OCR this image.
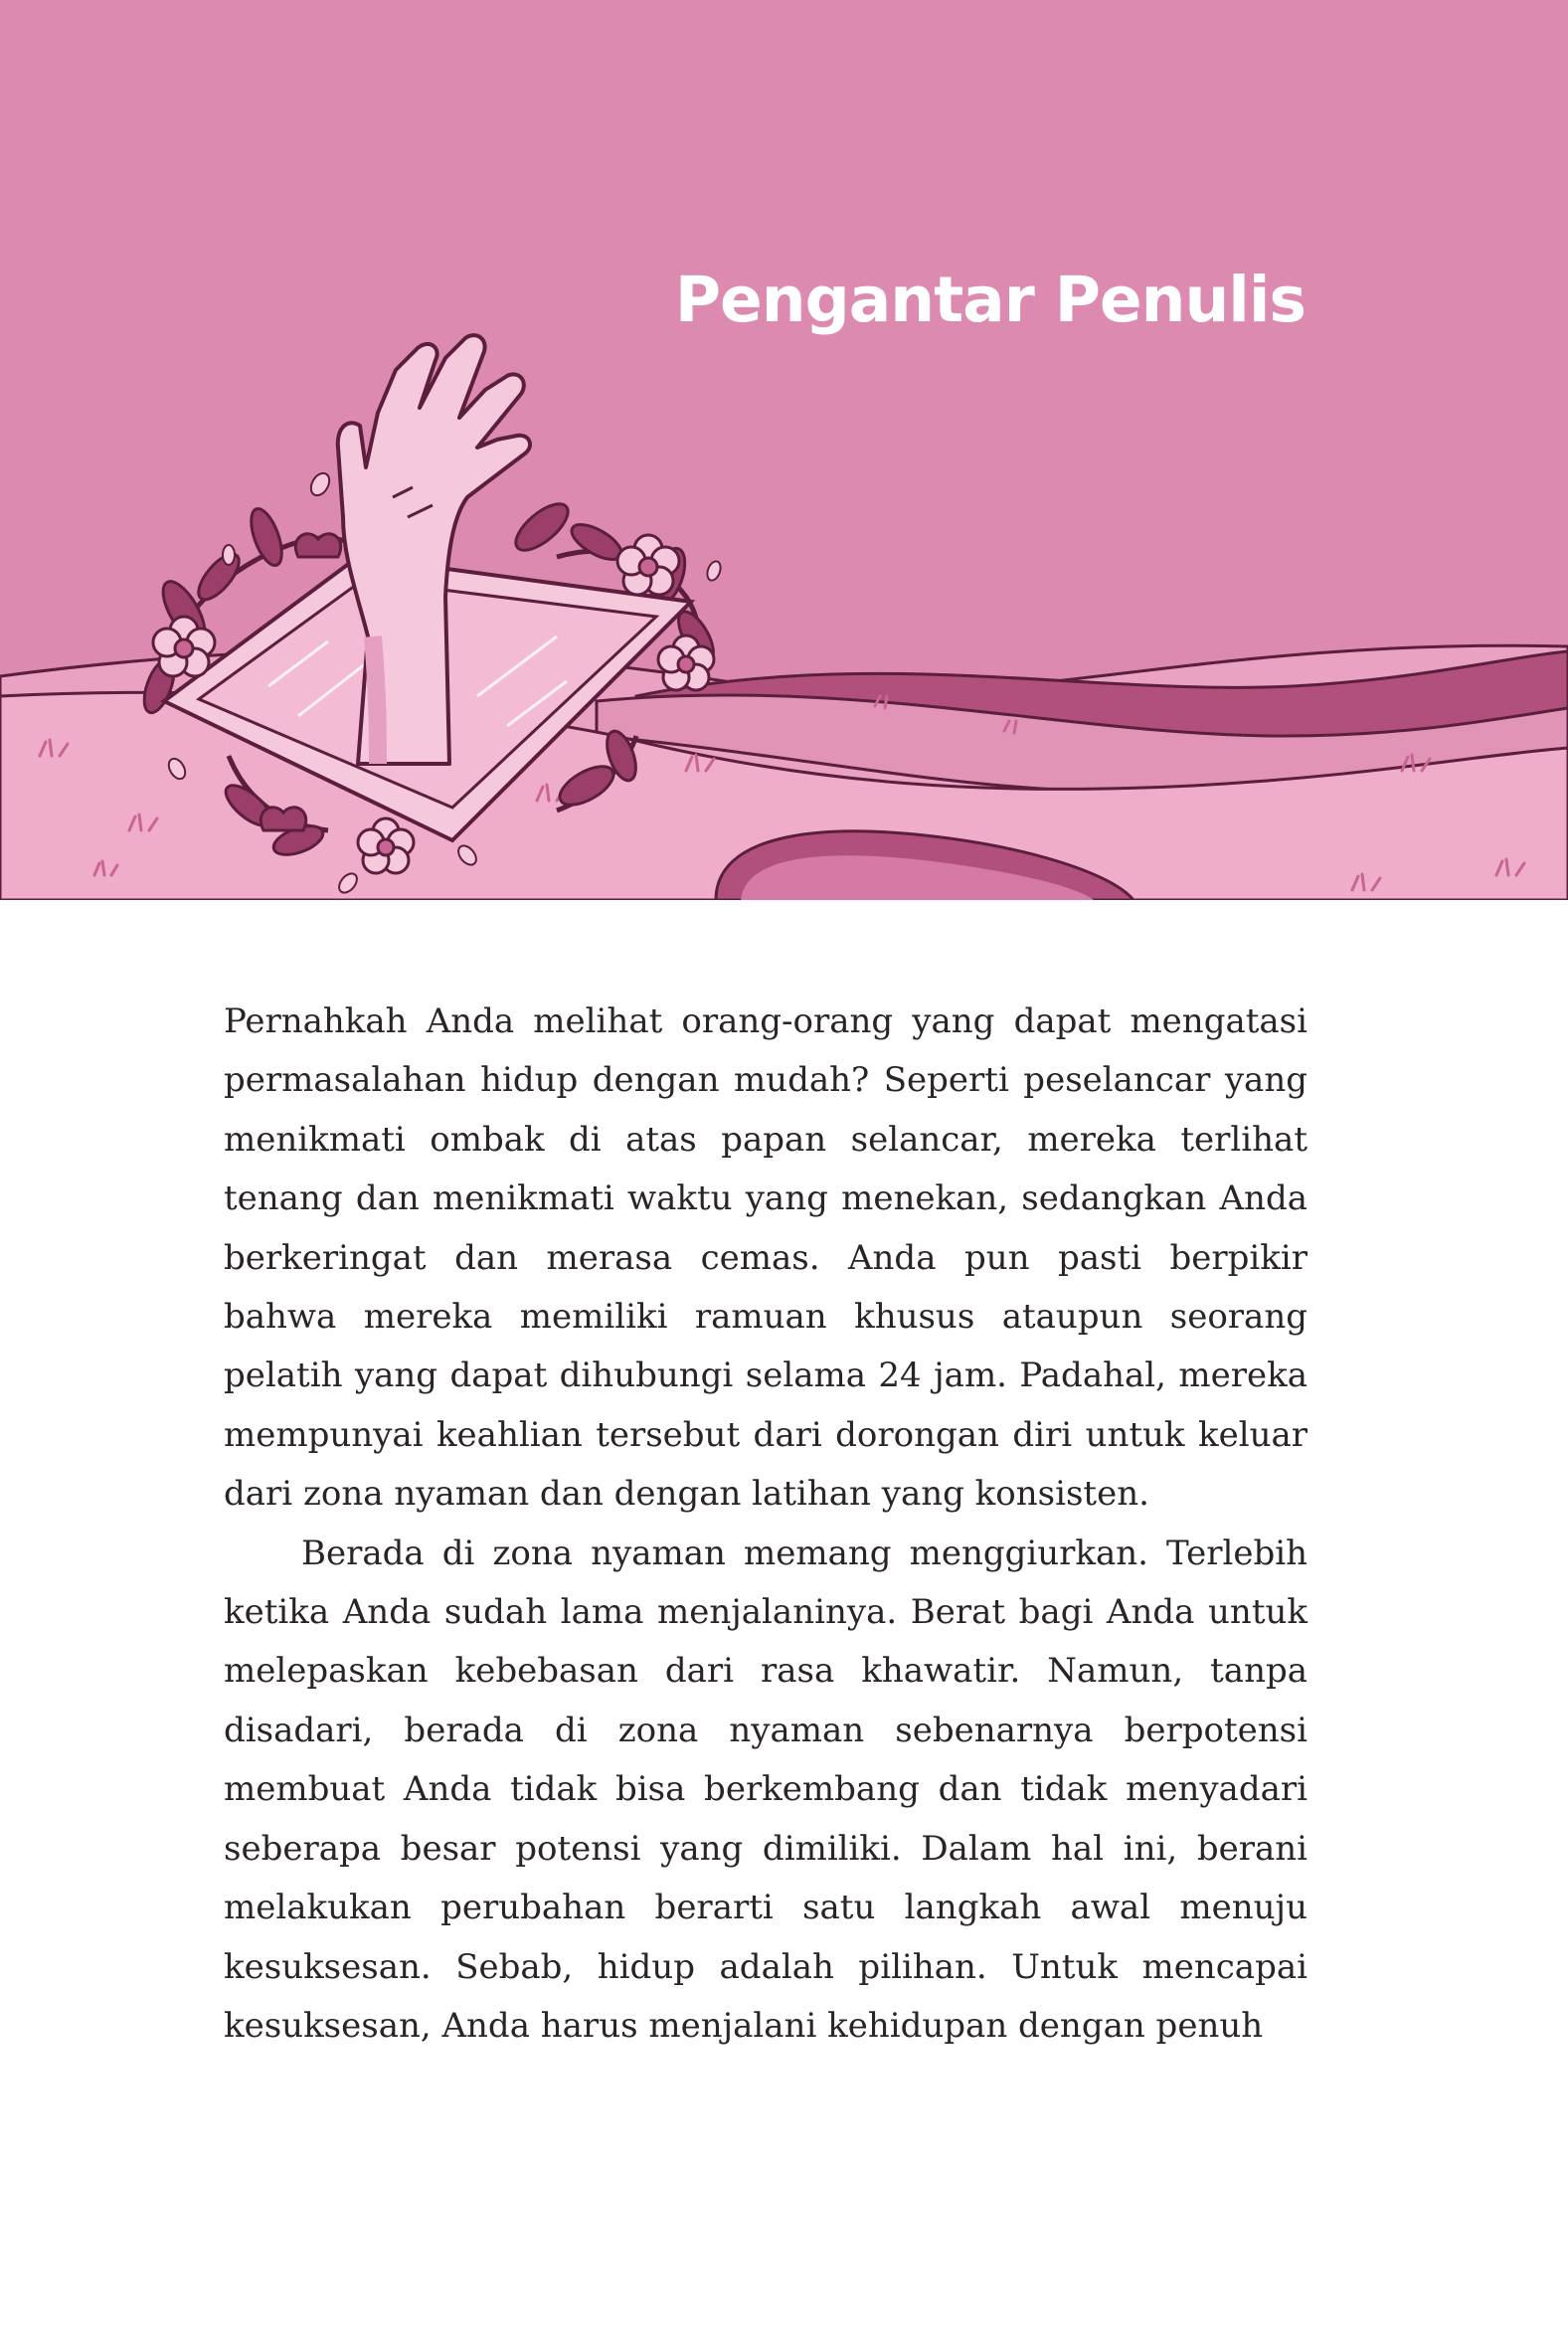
Pengantar Penulis

Pernahkah Anda melihat orang-orang yang dapat mengatasi permasalahan hidup dengan mudah? Seperti peselancar yang menikmati ombak di atas papan selancar, mereka terlihat tenang dan menikmati waktu yang menekan, sedangkan Anda berkeringat dan merasa cemas. Anda pun pasti berpikir bahwa mereka memiliki ramuan khusus ataupun seorang pelatih yang dapat dihubungi selama 24 jam. Padahal, mereka mempunyai keahlian tersebut dari dorongan diri untuk keluar dari zona nyaman dan dengan latihan yang konsisten.

Berada di zona nyaman memang menggiurkan. Terlebih ketika Anda sudah lama menjalaninya. Berat bagi Anda untuk melepaskan kebebasan dari rasa khawatir. Namun, tanpa disadari, berada di zona nyaman sebenarnya berpotensi membuat Anda tidak bisa berkembang dan tidak menyadari seberapa besar potensi yang dimiliki. Dalam hal ini, berani melakukan perubahan berarti satu langkah awal menuju kesuksesan. Sebab, hidup adalah pilihan. Untuk mencapai kesuksesan, Anda harus menjalani kehidupan dengan penuh
